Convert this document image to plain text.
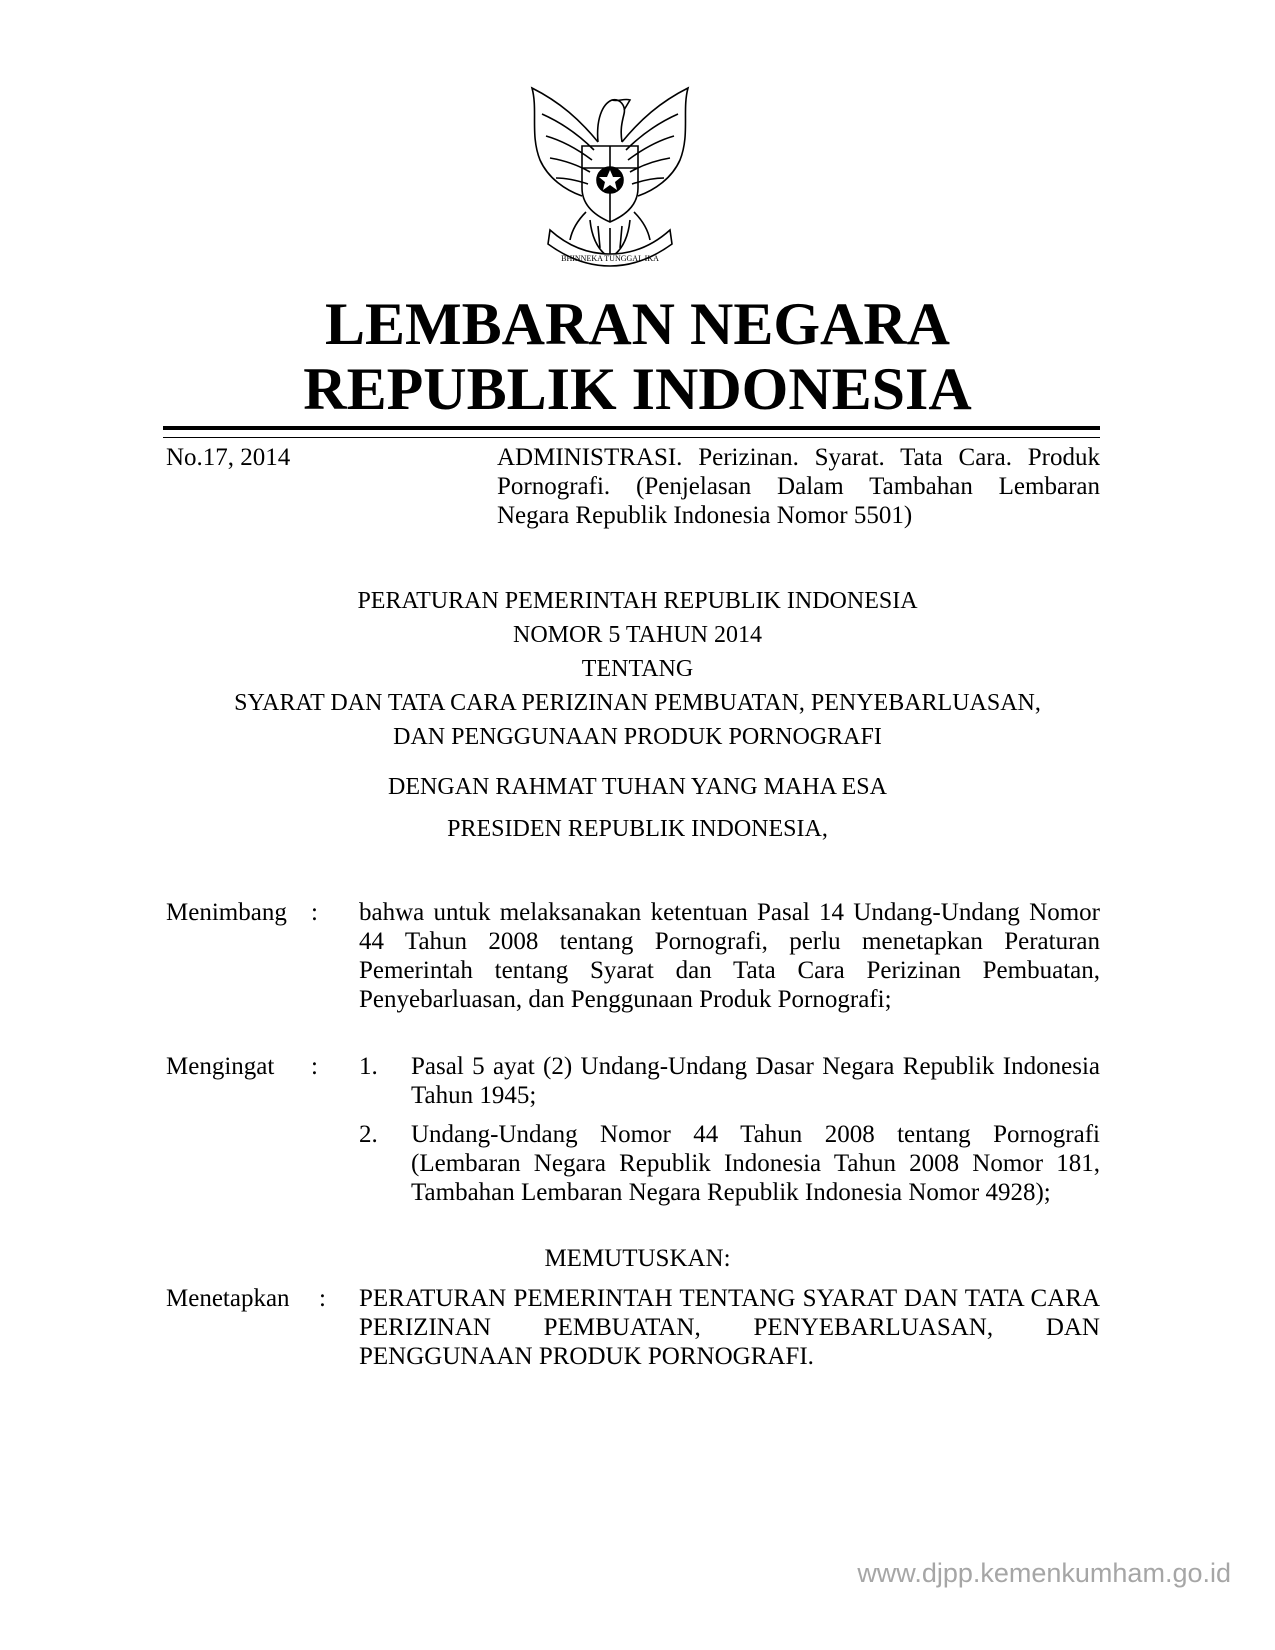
BHINNEKA TUNGGAL IKA
LEMBARAN NEGARA
REPUBLIK INDONESIA
No.17, 2014	ADMINISTRASI. Perizinan. Syarat. Tata Cara. Produk Pornografi. (Penjelasan Dalam Tambahan Lembaran Negara Republik Indonesia Nomor 5501)
PERATURAN PEMERINTAH REPUBLIK INDONESIA
NOMOR 5 TAHUN 2014
TENTANG
SYARAT DAN TATA CARA PERIZINAN PEMBUATAN, PENYEBARLUASAN,
DAN PENGGUNAAN PRODUK PORNOGRAFI
DENGAN RAHMAT TUHAN YANG MAHA ESA
PRESIDEN REPUBLIK INDONESIA,
Menimbang : bahwa untuk melaksanakan ketentuan Pasal 14 Undang-Undang Nomor 44 Tahun 2008 tentang Pornografi, perlu menetapkan Peraturan Pemerintah tentang Syarat dan Tata Cara Perizinan Pembuatan, Penyebarluasan, dan Penggunaan Produk Pornografi;
Mengingat : 1. Pasal 5 ayat (2) Undang-Undang Dasar Negara Republik Indonesia Tahun 1945;
2. Undang-Undang Nomor 44 Tahun 2008 tentang Pornografi (Lembaran Negara Republik Indonesia Tahun 2008 Nomor 181, Tambahan Lembaran Negara Republik Indonesia Nomor 4928);
MEMUTUSKAN:
Menetapkan : PERATURAN PEMERINTAH TENTANG SYARAT DAN TATA CARA PERIZINAN PEMBUATAN, PENYEBARLUASAN, DAN PENGGUNAAN PRODUK PORNOGRAFI.
www.djpp.kemenkumham.go.id
